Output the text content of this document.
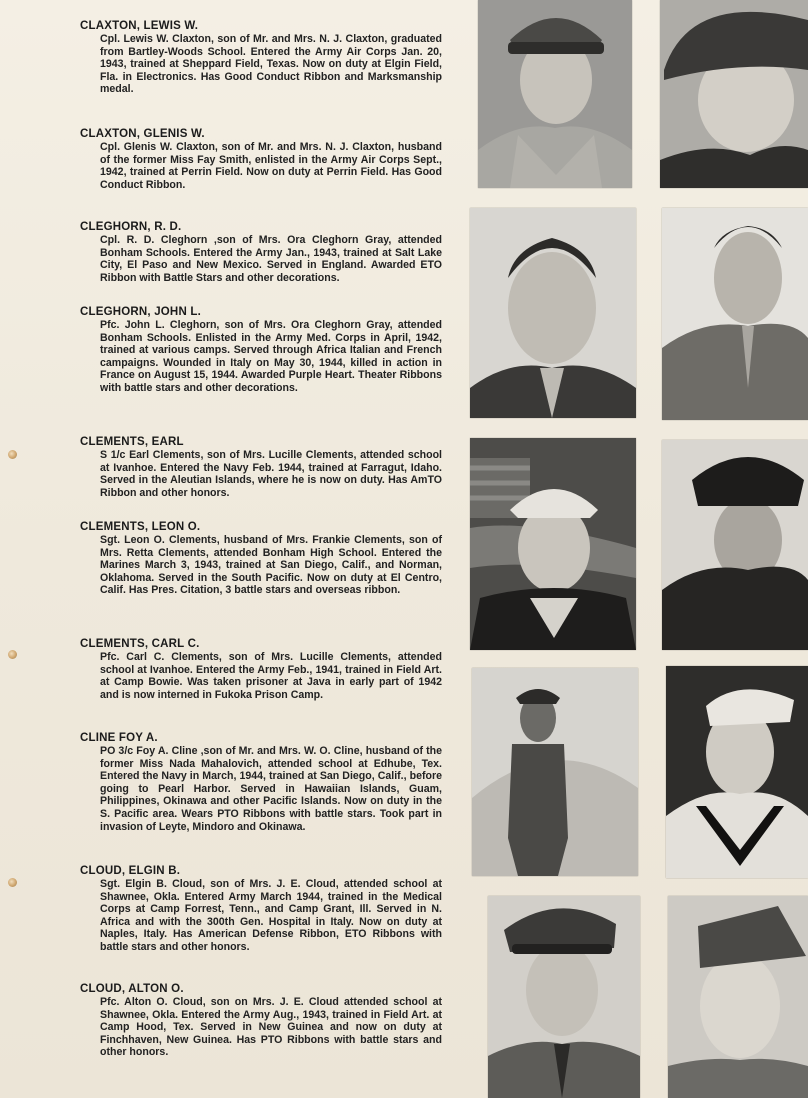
CLAXTON, LEWIS W.

Cpl. Lewis W. Claxton, son of Mr. and Mrs. N. J. Claxton, graduated from Bartley-Woods School. Entered the Army Air Corps Jan. 20, 1943, trained at Sheppard Field, Texas. Now on duty at Elgin Field, Fla. in Electronics. Has Good Conduct Ribbon and Marksmanship medal.

CLAXTON, GLENIS W.

Cpl. Glenis W. Claxton, son of Mr. and Mrs. N. J. Claxton, husband of the former Miss Fay Smith, enlisted in the Army Air Corps Sept., 1942, trained at Perrin Field. Now on duty at Perrin Field. Has Good Conduct Ribbon.

CLEGHORN, R. D.

Cpl. R. D. Cleghorn ,son of Mrs. Ora Cleghorn Gray, attended Bonham Schools. Entered the Army Jan., 1943, trained at Salt Lake City, El Paso and New Mexico. Served in England. Awarded ETO Ribbon with Battle Stars and other decorations.

CLEGHORN, JOHN L.

Pfc. John L. Cleghorn, son of Mrs. Ora Cleghorn Gray, attended Bonham Schools. Enlisted in the Army Med. Corps in April, 1942, trained at various camps. Served through Africa Italian and French campaigns. Wounded in Italy on May 30, 1944, killed in action in France on August 15, 1944. Awarded Purple Heart. Theater Ribbons with battle stars and other decorations.

CLEMENTS, EARL

S 1/c Earl Clements, son of Mrs. Lucille Clements, attended school at Ivanhoe. Entered the Navy Feb. 1944, trained at Farragut, Idaho. Served in the Aleutian Islands, where he is now on duty. Has AmTO Ribbon and other honors.

CLEMENTS, LEON O.

Sgt. Leon O. Clements, husband of Mrs. Frankie Clements, son of Mrs. Retta Clements, attended Bonham High School. Entered the Marines March 3, 1943, trained at San Diego, Calif., and Norman, Oklahoma. Served in the South Pacific. Now on duty at El Centro, Calif. Has Pres. Citation, 3 battle stars and overseas ribbon.

CLEMENTS, CARL C.

Pfc. Carl C. Clements, son of Mrs. Lucille Clements, attended school at Ivanhoe. Entered the Army Feb., 1941, trained in Field Art. at Camp Bowie. Was taken prisoner at Java in early part of 1942 and is now interned in Fukoka Prison Camp.

CLINE FOY A.

PO 3/c Foy A. Cline ,son of Mr. and Mrs. W. O. Cline, husband of the former Miss Nada Mahalovich, attended school at Edhube, Tex. Entered the Navy in March, 1944, trained at San Diego, Calif., before going to Pearl Harbor. Served in Hawaiian Islands, Guam, Philippines, Okinawa and other Pacific Islands. Now on duty in the S. Pacific area. Wears PTO Ribbons with battle stars. Took part in invasion of Leyte, Mindoro and Okinawa.

CLOUD, ELGIN B.

Sgt. Elgin B. Cloud, son of Mrs. J. E. Cloud, attended school at Shawnee, Okla. Entered Army March 1944, trained in the Medical Corps at Camp Forrest, Tenn., and Camp Grant, Ill. Served in N. Africa and with the 300th Gen. Hospital in Italy. Now on duty at Naples, Italy. Has American Defense Ribbon, ETO Ribbons with battle stars and other honors.

CLOUD, ALTON O.

Pfc. Alton O. Cloud, son on Mrs. J. E. Cloud attended school at Shawnee, Okla. Entered the Army Aug., 1943, trained in Field Art. at Camp Hood, Tex. Served in New Guinea and now on duty at Finchhaven, New Guinea. Has PTO Ribbons with battle stars and other honors.
